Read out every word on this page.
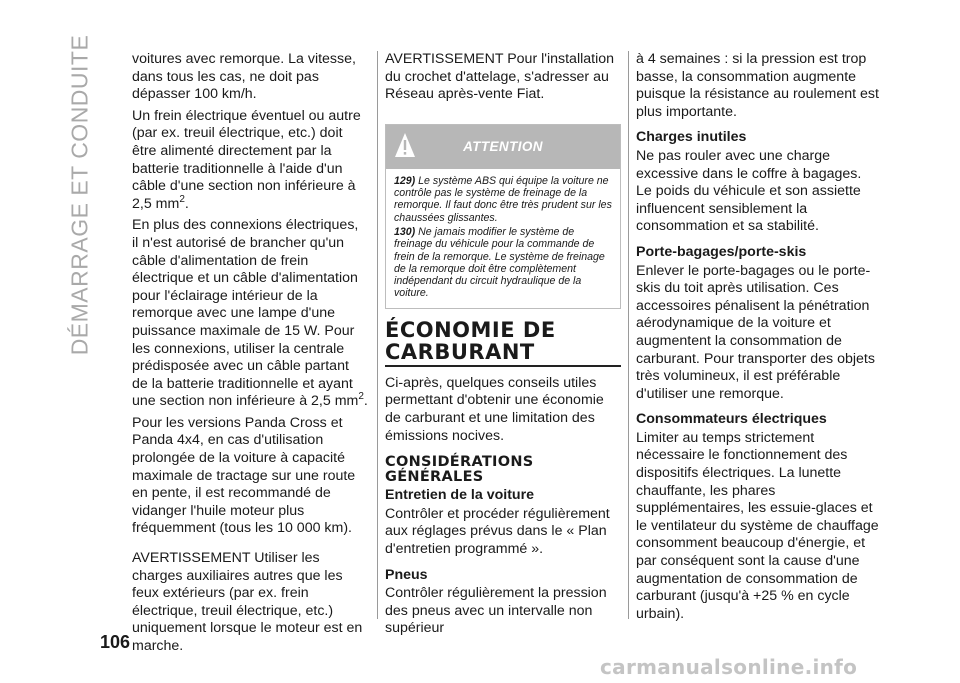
DÉMARRAGE ET CONDUITE
106

voitures avec remorque. La vitesse, dans tous les cas, ne doit pas dépasser 100 km/h.

Un frein électrique éventuel ou autre (par ex. treuil électrique, etc.) doit être alimenté directement par la batterie traditionnelle à l'aide d'un câble d'une section non inférieure à 2,5 $mm^2$.

En plus des connexions électriques, il n'est autorisé de brancher qu'un câble d'alimentation de frein électrique et un câble d'alimentation pour l'éclairage intérieur de la remorque avec une lampe d'une puissance maximale de 15 W. Pour les connexions, utiliser la centrale prédisposée avec un câble partant de la batterie traditionnelle et ayant une section non inférieure à 2,5 $mm^2$.

Pour les versions Panda Cross et Panda 4x4, en cas d'utilisation prolongée de la voiture à capacité maximale de tractage sur une route en pente, il est recommandé de vidanger l'huile moteur plus fréquemment (tous les 10 000 km).

AVERTISSEMENT Utiliser les charges auxiliaires autres que les feux extérieurs (par ex. frein électrique, treuil électrique, etc.) uniquement lorsque le moteur est en marche.

AVERTISSEMENT Pour l'installation du crochet d'attelage, s'adresser au Réseau après-vente Fiat.

ATTENTION

129) Le système ABS qui équipe la voiture ne contrôle pas le système de freinage de la remorque. Il faut donc être très prudent sur les chaussées glissantes.

130) Ne jamais modifier le système de freinage du véhicule pour la commande de frein de la remorque. Le système de freinage de la remorque doit être complètement indépendant du circuit hydraulique de la voiture.

ÉCONOMIE DE CARBURANT

Ci-après, quelques conseils utiles permettant d'obtenir une économie de carburant et une limitation des émissions nocives.

CONSIDÉRATIONS GÉNÉRALES
Entretien de la voiture

Contrôler et procéder régulièrement aux réglages prévus dans le « Plan d'entretien programmé ».

Pneus

Contrôler régulièrement la pression des pneus avec un intervalle non supérieur

à 4 semaines : si la pression est trop basse, la consommation augmente puisque la résistance au roulement est plus importante.

Charges inutiles

Ne pas rouler avec une charge excessive dans le coffre à bagages. Le poids du véhicule et son assiette influencent sensiblement la consommation et sa stabilité.

Porte-bagages/porte-skis

Enlever le porte-bagages ou le porte-skis du toit après utilisation. Ces accessoires pénalisent la pénétration aérodynamique de la voiture et augmentent la consommation de carburant. Pour transporter des objets très volumineux, il est préférable d'utiliser une remorque.

Consommateurs électriques

Limiter au temps strictement nécessaire le fonctionnement des dispositifs électriques. La lunette chauffante, les phares supplémentaires, les essuie-glaces et le ventilateur du système de chauffage consomment beaucoup d'énergie, et par conséquent sont la cause d'une augmentation de consommation de carburant (jusqu'à +25 % en cycle urbain).

carmanualsonline.info
